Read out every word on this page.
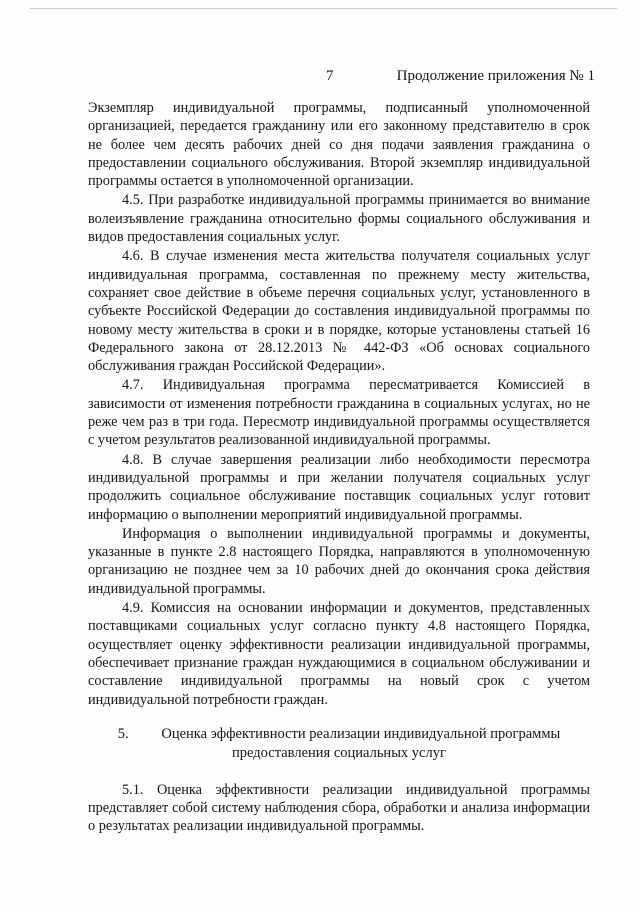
7	Продолжение приложения № 1

Экземпляр индивидуальной программы, подписанный уполномоченной организацией, передается гражданину или его законному представителю в срок не более чем десять рабочих дней со дня подачи заявления гражданина о предоставлении социального обслуживания. Второй экземпляр индивидуальной программы остается в уполномоченной организации.

4.5. При разработке индивидуальной программы принимается во внимание волеизъявление гражданина относительно формы социального обслуживания и видов предоставления социальных услуг.

4.6. В случае изменения места жительства получателя социальных услуг индивидуальная программа, составленная по прежнему месту жительства, сохраняет свое действие в объеме перечня социальных услуг, установленного в субъекте Российской Федерации до составления индивидуальной программы по новому месту жительства в сроки и в порядке, которые установлены статьей 16 Федерального закона от 28.12.2013 № 442-ФЗ «Об основах социального обслуживания граждан Российской Федерации».

4.7. Индивидуальная программа пересматривается Комиссией в зависимости от изменения потребности гражданина в социальных услугах, но не реже чем раз в три года. Пересмотр индивидуальной программы осуществляется с учетом результатов реализованной индивидуальной программы.

4.8. В случае завершения реализации либо необходимости пересмотра индивидуальной программы и при желании получателя социальных услуг продолжить социальное обслуживание поставщик социальных услуг готовит информацию о выполнении мероприятий индивидуальной программы.

Информация о выполнении индивидуальной программы и документы, указанные в пункте 2.8 настоящего Порядка, направляются в уполномоченную организацию не позднее чем за 10 рабочих дней до окончания срока действия индивидуальной программы.

4.9. Комиссия на основании информации и документов, представленных поставщиками социальных услуг согласно пункту 4.8 настоящего Порядка, осуществляет оценку эффективности реализации индивидуальной программы, обеспечивает признание граждан нуждающимися в социальном обслуживании и составление индивидуальной программы на новый срок с учетом индивидуальной потребности граждан.

5. Оценка эффективности реализации индивидуальной программы
предоставления социальных услуг

5.1. Оценка эффективности реализации индивидуальной программы представляет собой систему наблюдения сбора, обработки и анализа информации о результатах реализации индивидуальной программы.
